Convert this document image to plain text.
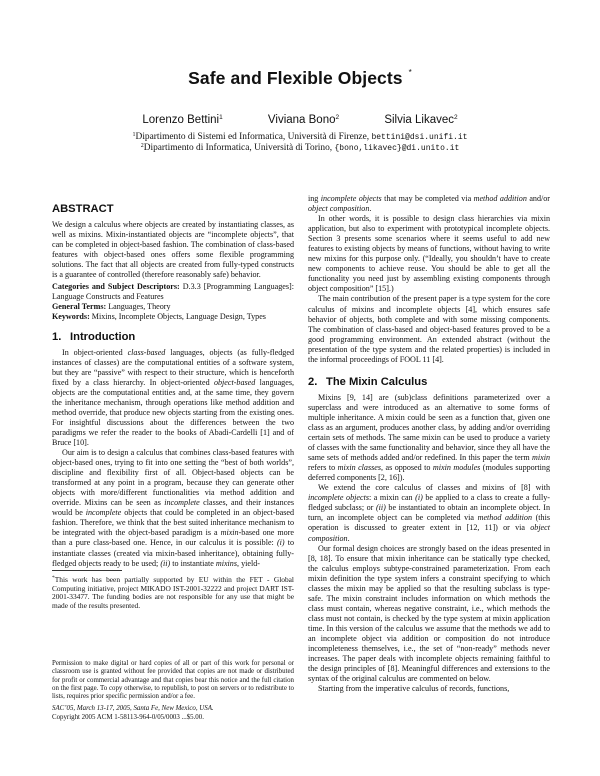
Safe and Flexible Objects *
Lorenzo Bettini$^1$	Viviana Bono$^2$	Silvia Likavec$^2$
$^1$Dipartimento di Sistemi ed Informatica, Università di Firenze, bettini@dsi.unifi.it
$^2$Dipartimento di Informatica, Università di Torino, {bono,likavec}@di.unito.it
ABSTRACT

We design a calculus where objects are created by instantiating classes, as well as mixins. Mixin-instantiated objects are “incomplete objects”, that can be completed in object-based fashion. The combination of class-based features with object-based ones offers some flexible programming solutions. The fact that all objects are created from fully-typed constructs is a guarantee of controlled (therefore reasonably safe) behavior.

Categories and Subject Descriptors: D.3.3 [Programming Languages]: Language Constructs and Features

General Terms: Languages, Theory

Keywords: Mixins, Incomplete Objects, Language Design, Types

1. Introduction

In object-oriented class-based languages, objects (as fully-fledged instances of classes) are the computational entities of a software system, but they are “passive” with respect to their structure, which is henceforth fixed by a class hierarchy. In object-oriented object-based languages, objects are the computational entities and, at the same time, they govern the inheritance mechanism, through operations like method addition and method override, that produce new objects starting from the existing ones. For insightful discussions about the differences between the two paradigms we refer the reader to the books of Abadi-Cardelli [1] and of Bruce [10].

Our aim is to design a calculus that combines class-based features with object-based ones, trying to fit into one setting the “best of both worlds”, discipline and flexibility first of all. Object-based objects can be transformed at any point in a program, because they can generate other objects with more/different functionalities via method addition and override. Mixins can be seen as incomplete classes, and their instances would be incomplete objects that could be completed in an object-based fashion. Therefore, we think that the best suited inheritance mechanism to be integrated with the object-based paradigm is a mixin-based one more than a pure class-based one. Hence, in our calculus it is possible: (i) to instantiate classes (created via mixin-based inheritance), obtaining fully-fledged objects ready to be used; (ii) to instantiate mixins, yield-

*This work has been partially supported by EU within the FET - Global Computing initiative, project MIKADO IST-2001-32222 and project DART IST-2001-33477. The funding bodies are not responsible for any use that might be made of the results presented.

Permission to make digital or hard copies of all or part of this work for personal or classroom use is granted without fee provided that copies are not made or distributed for profit or commercial advantage and that copies bear this notice and the full citation on the first page. To copy otherwise, to republish, to post on servers or to redistribute to lists, requires prior specific permission and/or a fee.

SAC’05, March 13-17, 2005, Santa Fe, New Mexico, USA.
Copyright 2005 ACM 1-58113-964-0/05/0003 ...$5.00.

ing incomplete objects that may be completed via method addition and/or object composition.

In other words, it is possible to design class hierarchies via mixin application, but also to experiment with prototypical incomplete objects. Section 3 presents some scenarios where it seems useful to add new features to existing objects by means of functions, without having to write new mixins for this purpose only. (“Ideally, you shouldn’t have to create new components to achieve reuse. You should be able to get all the functionality you need just by assembling existing components through object composition” [15].)

The main contribution of the present paper is a type system for the core calculus of mixins and incomplete objects [4], which ensures safe behavior of objects, both complete and with some missing components. The combination of class-based and object-based features proved to be a good programming environment. An extended abstract (without the presentation of the type system and the related properties) is included in the informal proceedings of FOOL 11 [4].

2. The Mixin Calculus

Mixins [9, 14] are (sub)class definitions parameterized over a superclass and were introduced as an alternative to some forms of multiple inheritance. A mixin could be seen as a function that, given one class as an argument, produces another class, by adding and/or overriding certain sets of methods. The same mixin can be used to produce a variety of classes with the same functionality and behavior, since they all have the same sets of methods added and/or redefined. In this paper the term mixin refers to mixin classes, as opposed to mixin modules (modules supporting deferred components [2, 16]).

We extend the core calculus of classes and mixins of [8] with incomplete objects: a mixin can (i) be applied to a class to create a fully-fledged subclass; or (ii) be instantiated to obtain an incomplete object. In turn, an incomplete object can be completed via method addition (this operation is discussed to greater extent in [12, 11]) or via object composition.

Our formal design choices are strongly based on the ideas presented in [8, 18]. To ensure that mixin inheritance can be statically type checked, the calculus employs subtype-constrained parameterization. From each mixin definition the type system infers a constraint specifying to which classes the mixin may be applied so that the resulting subclass is type-safe. The mixin constraint includes information on which methods the class must contain, whereas negative constraint, i.e., which methods the class must not contain, is checked by the type system at mixin application time. In this version of the calculus we assume that the methods we add to an incomplete object via addition or composition do not introduce incompleteness themselves, i.e., the set of “non-ready” methods never increases. The paper deals with incomplete objects remaining faithful to the design principles of [8]. Meaningful differences and extensions to the syntax of the original calculus are commented on below.

Starting from the imperative calculus of records, functions,
